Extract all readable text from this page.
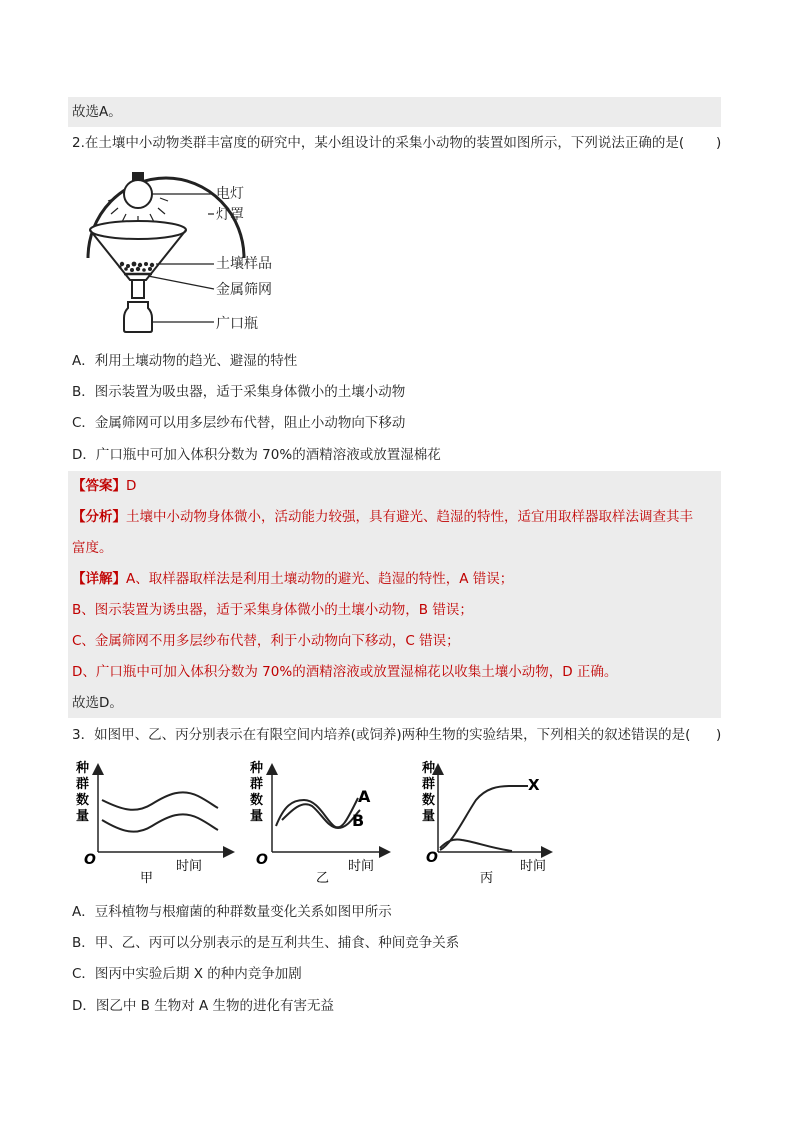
故选A。
2.在土壤中小动物类群丰富度的研究中，某小组设计的采集小动物的装置如图所示，下列说法正确的是( )
电灯
灯罩
土壤样品
金属筛网
广口瓶
A．利用土壤动物的趋光、避湿的特性
B．图示装置为吸虫器，适于采集身体微小的土壤小动物
C．金属筛网可以用多层纱布代替，阻止小动物向下移动
D．广口瓶中可加入体积分数为 70%的酒精溶液或放置湿棉花
【答案】D
【分析】土壤中小动物身体微小，活动能力较强，具有避光、趋湿的特性，适宜用取样器取样法调查其丰
富度。
【详解】A、取样器取样法是利用土壤动物的避光、趋湿的特性，A 错误；
B、图示装置为诱虫器，适于采集身体微小的土壤小动物，B 错误；
C、金属筛网不用多层纱布代替，利于小动物向下移动，C 错误；
D、广口瓶中可加入体积分数为 70%的酒精溶液或放置湿棉花以收集土壤小动物，D 正确。
故选D。
3．如图甲、乙、丙分别表示在有限空间内培养(或饲养)两种生物的实验结果，下列相关的叙述错误的是( )
种
群
数
量
O	时间
甲
种
群
数
量
O	时间
乙
A
B
种
群
数
量
O
时间
丙
X
A．豆科植物与根瘤菌的种群数量变化关系如图甲所示
B．甲、乙、丙可以分别表示的是互利共生、捕食、种间竞争关系
C．图丙中实验后期 X 的种内竞争加剧
D．图乙中 B 生物对 A 生物的进化有害无益
